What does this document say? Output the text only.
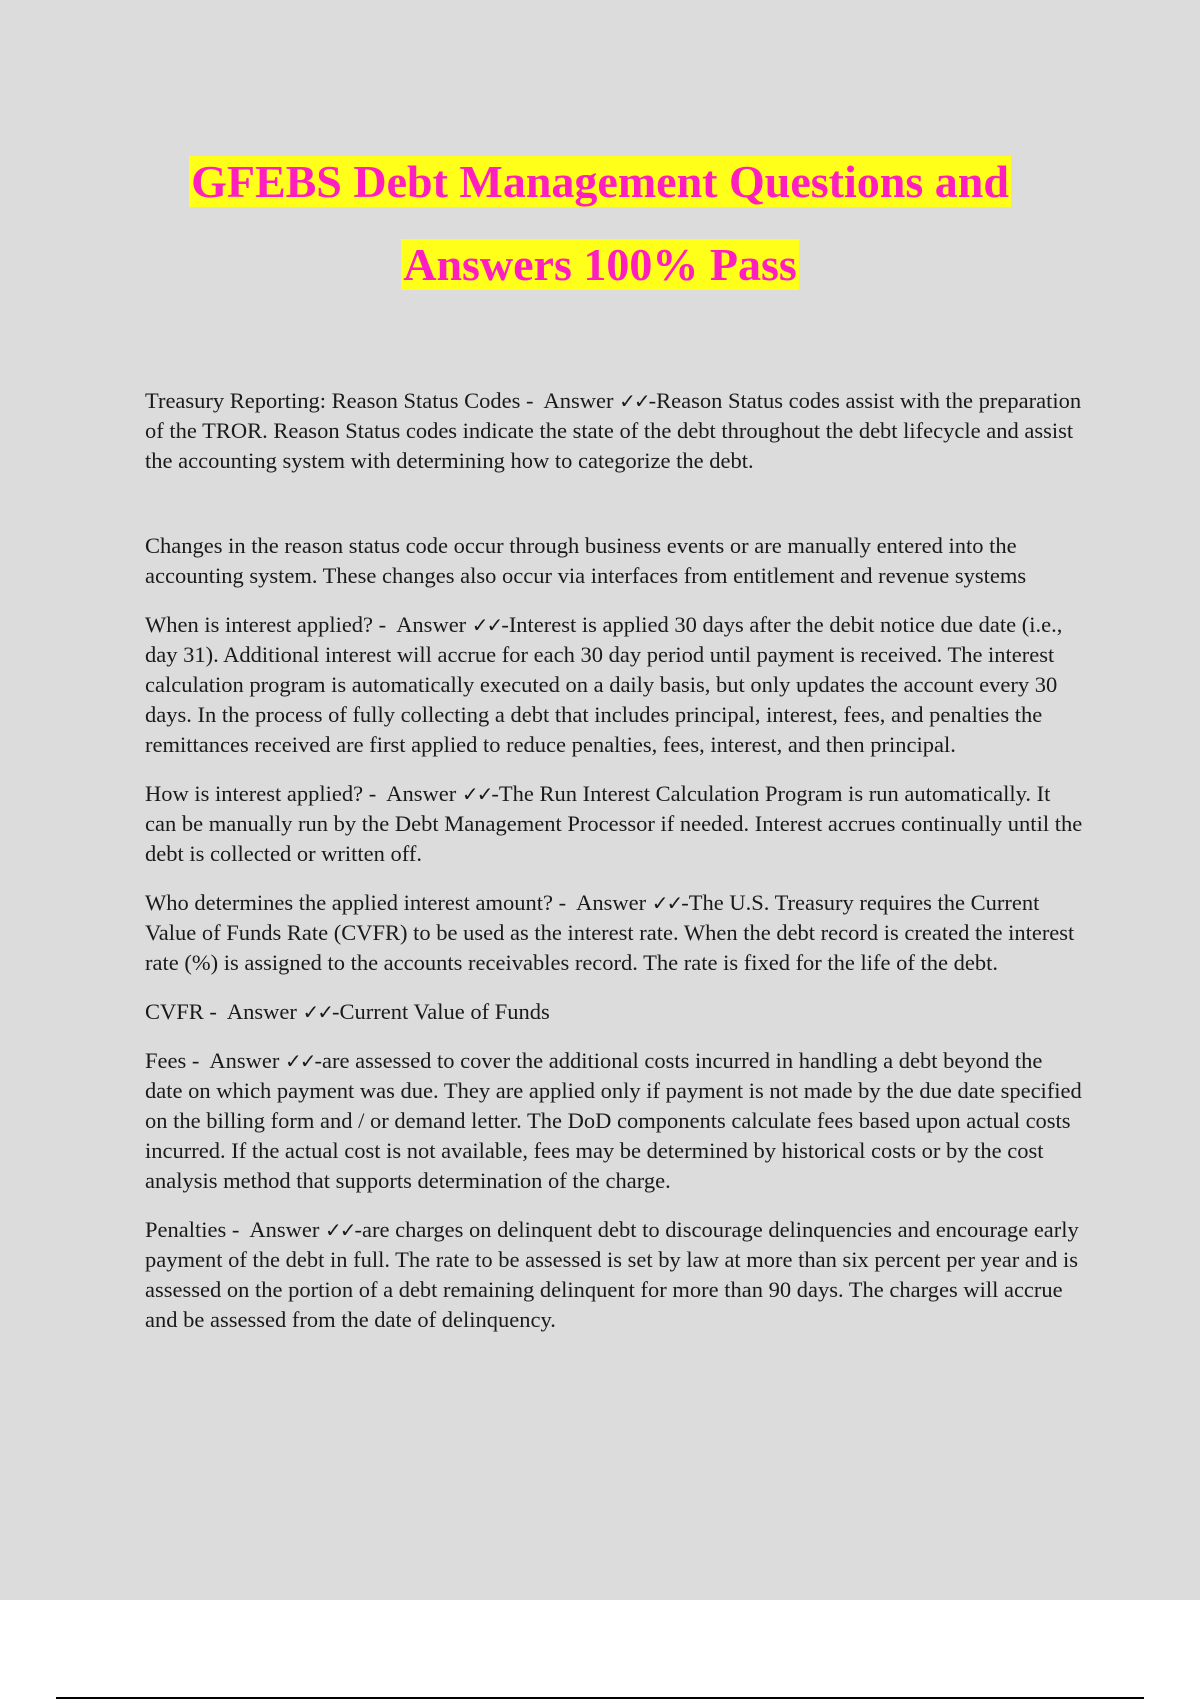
GFEBS Debt Management Questions and
Answers 100% Pass

Treasury Reporting: Reason Status Codes -  Answer ✓✓-Reason Status codes assist with the preparation of the TROR. Reason Status codes indicate the state of the debt throughout the debt lifecycle and assist the accounting system with determining how to categorize the debt.

Changes in the reason status code occur through business events or are manually entered into the accounting system. These changes also occur via interfaces from entitlement and revenue systems

When is interest applied? -  Answer ✓✓-Interest is applied 30 days after the debit notice due date (i.e., day 31). Additional interest will accrue for each 30 day period until payment is received. The interest calculation program is automatically executed on a daily basis, but only updates the account every 30 days. In the process of fully collecting a debt that includes principal, interest, fees, and penalties the remittances received are first applied to reduce penalties, fees, interest, and then principal.

How is interest applied? -  Answer ✓✓-The Run Interest Calculation Program is run automatically. It can be manually run by the Debt Management Processor if needed. Interest accrues continually until the debt is collected or written off.

Who determines the applied interest amount? -  Answer ✓✓-The U.S. Treasury requires the Current Value of Funds Rate (CVFR) to be used as the interest rate. When the debt record is created the interest rate (%) is assigned to the accounts receivables record. The rate is fixed for the life of the debt.

CVFR -  Answer ✓✓-Current Value of Funds

Fees -  Answer ✓✓-are assessed to cover the additional costs incurred in handling a debt beyond the date on which payment was due. They are applied only if payment is not made by the due date specified on the billing form and / or demand letter. The DoD components calculate fees based upon actual costs incurred. If the actual cost is not available, fees may be determined by historical costs or by the cost analysis method that supports determination of the charge.

Penalties -  Answer ✓✓-are charges on delinquent debt to discourage delinquencies and encourage early payment of the debt in full. The rate to be assessed is set by law at more than six percent per year and is assessed on the portion of a debt remaining delinquent for more than 90 days. The charges will accrue and be assessed from the date of delinquency.
